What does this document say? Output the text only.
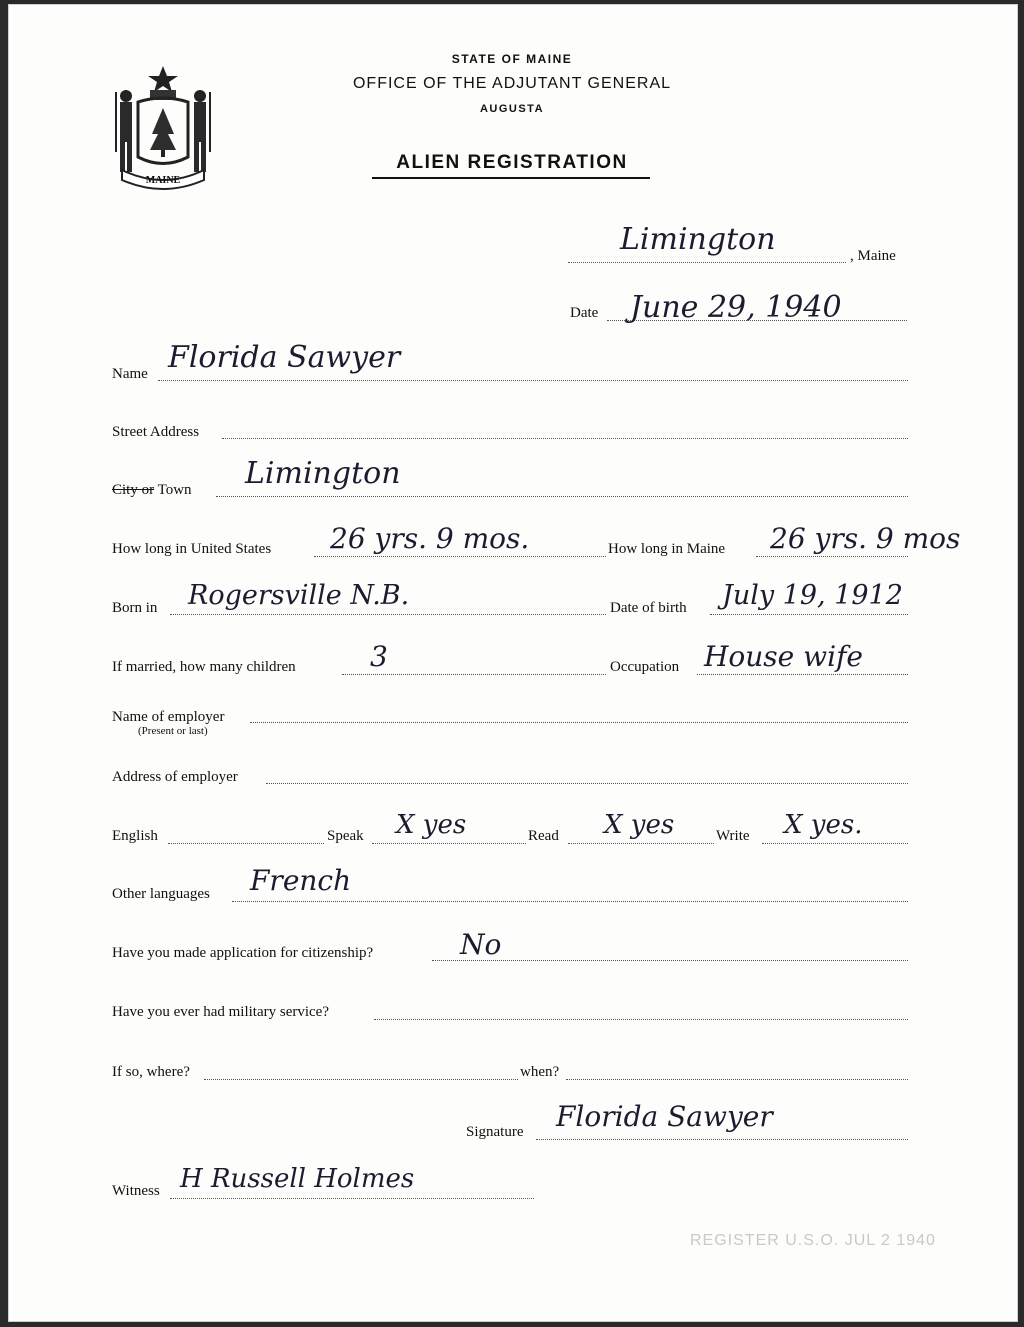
MAINE
STATE OF MAINE
OFFICE OF THE ADJUTANT GENERAL
AUGUSTA
ALIEN REGISTRATION
Limington	, Maine
Date June 29, 1940
Name Florida Sawyer
Street Address
City or Town Limington
How long in United States 26 yrs. 9 mos.	How long in Maine 26 yrs. 9 mos
Born in Rogersville N.B.	Date of birth July 19, 1912
If married, how many children	3	Occupation House wife
Name of employer
(Present or last)
Address of employer
English	Speak X yes	Read X yes	Write X yes.
Other languages French
Have you made application for citizenship?	No
Have you ever had military service?
If so, where?	when?
Signature Florida Sawyer
Witness H Russell Holmes
REGISTER U.S.O. JUL 2 1940
